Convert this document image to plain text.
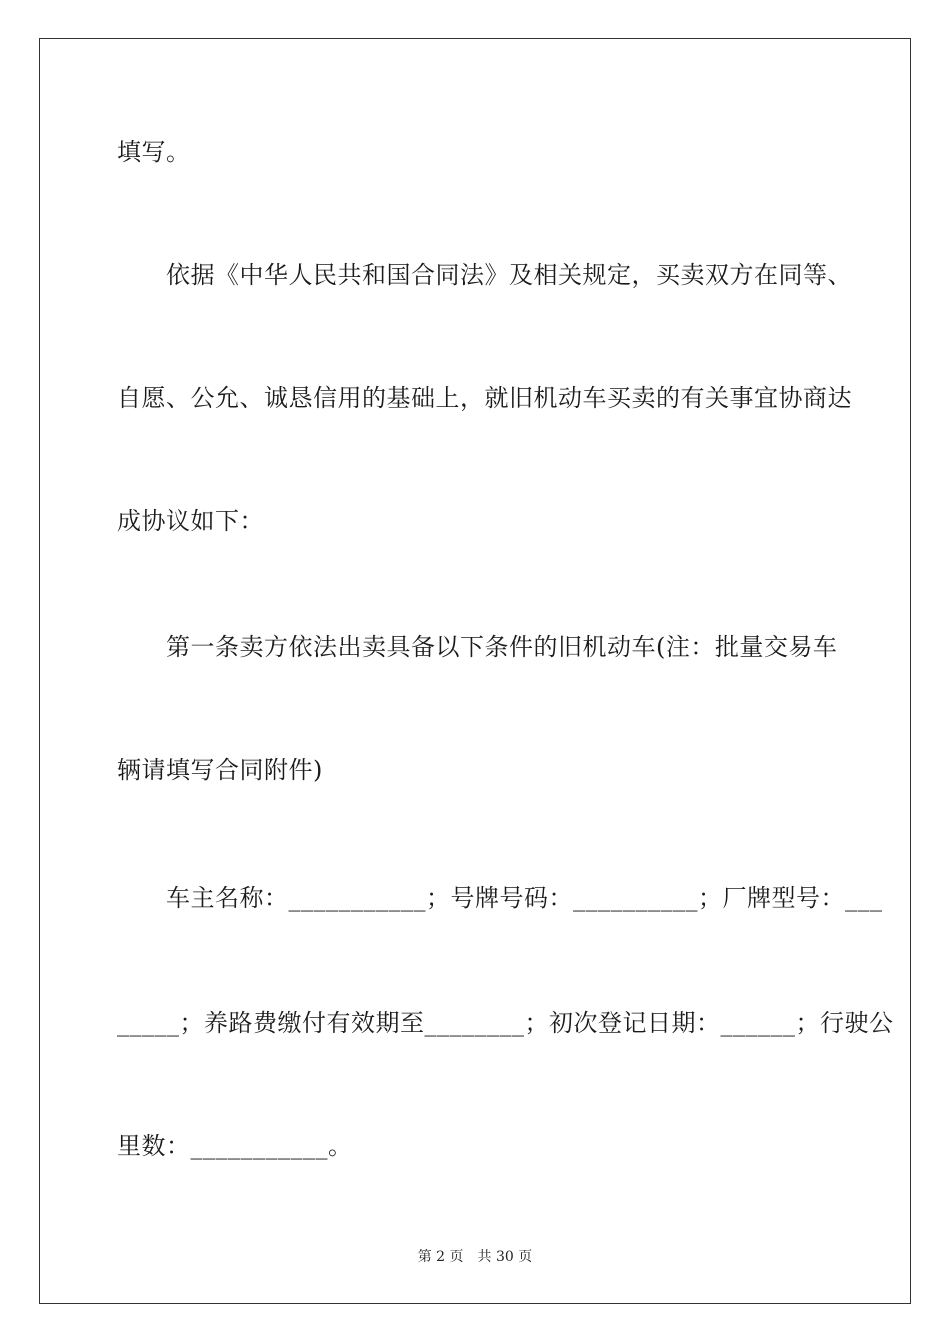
填写。
　　依据《中华人民共和国合同法》及相关规定，买卖双方在同等、
自愿、公允、诚恳信用的基础上，就旧机动车买卖的有关事宜协商达
成协议如下：
　　第一条卖方依法出卖具备以下条件的旧机动车(注：批量交易车
辆请填写合同附件)
　　车主名称：___________；号牌号码：__________；厂牌型号：___
_____；养路费缴付有效期至________；初次登记日期：______；行驶公
里数：___________。
第 2 页 共 30 页
